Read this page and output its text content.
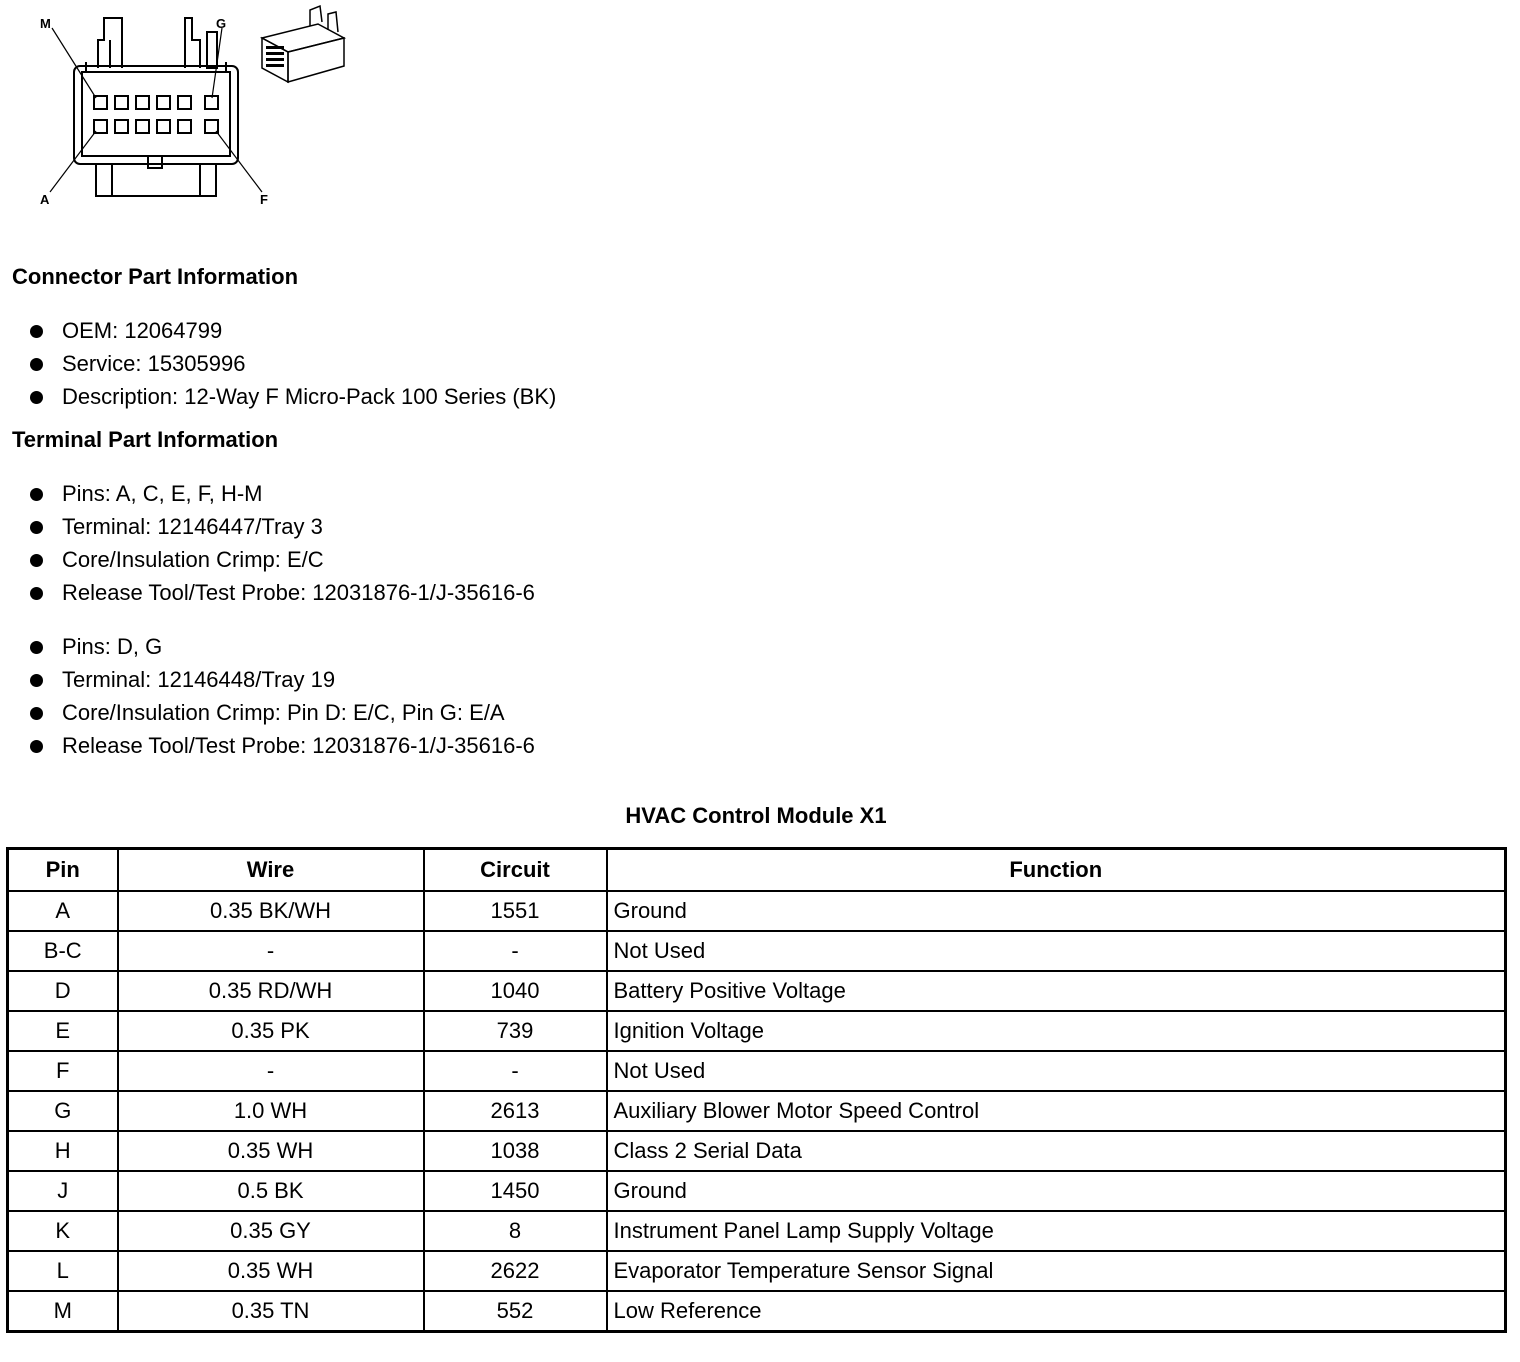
M	G
A	F
Connector Part Information
OEM: 12064799
Service: 15305996
Description: 12-Way F Micro-Pack 100 Series (BK)
Terminal Part Information
Pins: A, C, E, F, H-M
Terminal: 12146447/Tray 3
Core/Insulation Crimp: E/C
Release Tool/Test Probe: 12031876-1/J-35616-6
Pins: D, G
Terminal: 12146448/Tray 19
Core/Insulation Crimp: Pin D: E/C, Pin G: E/A
Release Tool/Test Probe: 12031876-1/J-35616-6
HVAC Control Module X1
Pin	Wire	Circuit	Function
A	0.35 BK/WH	1551	Ground
B-C	-	-	Not Used
D	0.35 RD/WH	1040	Battery Positive Voltage
E	0.35 PK	739	Ignition Voltage
F	-	-	Not Used
G	1.0 WH	2613	Auxiliary Blower Motor Speed Control
H	0.35 WH	1038	Class 2 Serial Data
J	0.5 BK	1450	Ground
K	0.35 GY	8	Instrument Panel Lamp Supply Voltage
L	0.35 WH	2622	Evaporator Temperature Sensor Signal
M	0.35 TN	552	Low Reference
